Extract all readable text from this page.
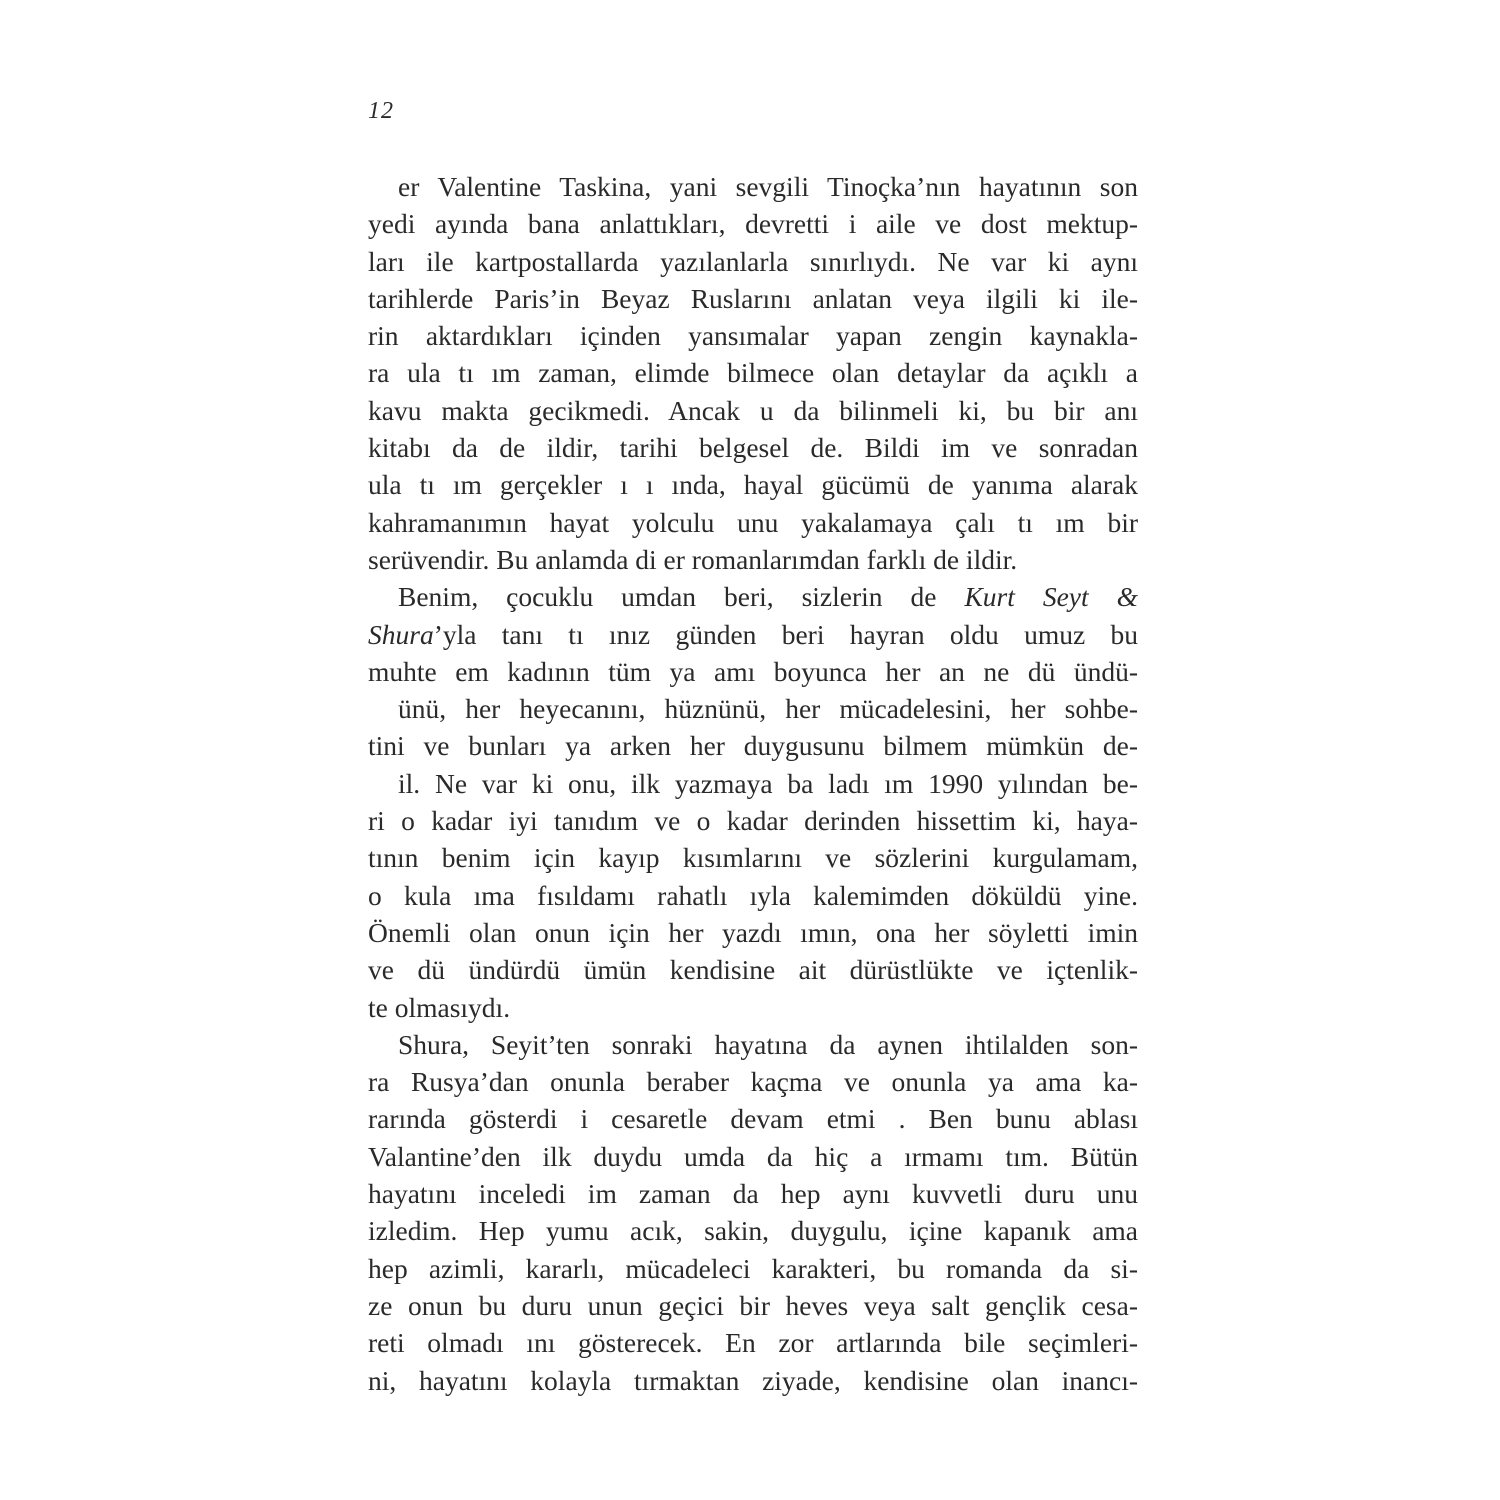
12
er Valentine Taskina, yani sevgili Tinoçka’nın hayatının son
yedi ayında bana anlattıkları, devretti i aile ve dost mektup-
ları ile kartpostallarda yazılanlarla sınırlıydı. Ne var ki aynı
tarihlerde Paris’in Beyaz Ruslarını anlatan veya ilgili ki ile-
rin aktardıkları içinden yansımalar yapan zengin kaynakla-
ra ula tı ım zaman, elimde bilmece olan detaylar da açıklı a
kavu makta gecikmedi. Ancak u da bilinmeli ki, bu bir anı
kitabı da de ildir, tarihi belgesel de. Bildi im ve sonradan
ula tı ım gerçekler ı ı ında, hayal gücümü de yanıma alarak
kahramanımın hayat yolculu unu yakalamaya çalı tı ım bir
serüvendir. Bu anlamda di er romanlarımdan farklı de ildir.
Benim, çocuklu umdan beri, sizlerin de Kurt Seyt &
Shura’yla tanı tı ınız günden beri hayran oldu umuz bu
muhte em kadının tüm ya amı boyunca her an ne dü ündü-
ünü, her heyecanını, hüznünü, her mücadelesini, her sohbe-
tini ve bunları ya arken her duygusunu bilmem mümkün de-
il. Ne var ki onu, ilk yazmaya ba ladı ım 1990 yılından be-
ri o kadar iyi tanıdım ve o kadar derinden hissettim ki, haya-
tının benim için kayıp kısımlarını ve sözlerini kurgulamam,
o kula ıma fısıldamı rahatlı ıyla kalemimden döküldü yine.
Önemli olan onun için her yazdı ımın, ona her söyletti imin
ve dü ündürdü ümün kendisine ait dürüstlükte ve içtenlik-
te olmasıydı.
Shura, Seyit’ten sonraki hayatına da aynen ihtilalden son-
ra Rusya’dan onunla beraber kaçma ve onunla ya ama ka-
rarında gösterdi i cesaretle devam etmi . Ben bunu ablası
Valantine’den ilk duydu umda da hiç a ırmamı tım. Bütün
hayatını inceledi im zaman da hep aynı kuvvetli duru unu
izledim. Hep yumu acık, sakin, duygulu, içine kapanık ama
hep azimli, kararlı, mücadeleci karakteri, bu romanda da si-
ze onun bu duru unun geçici bir heves veya salt gençlik cesa-
reti olmadı ını gösterecek. En zor artlarında bile seçimleri-
ni, hayatını kolayla tırmaktan ziyade, kendisine olan inancı-
